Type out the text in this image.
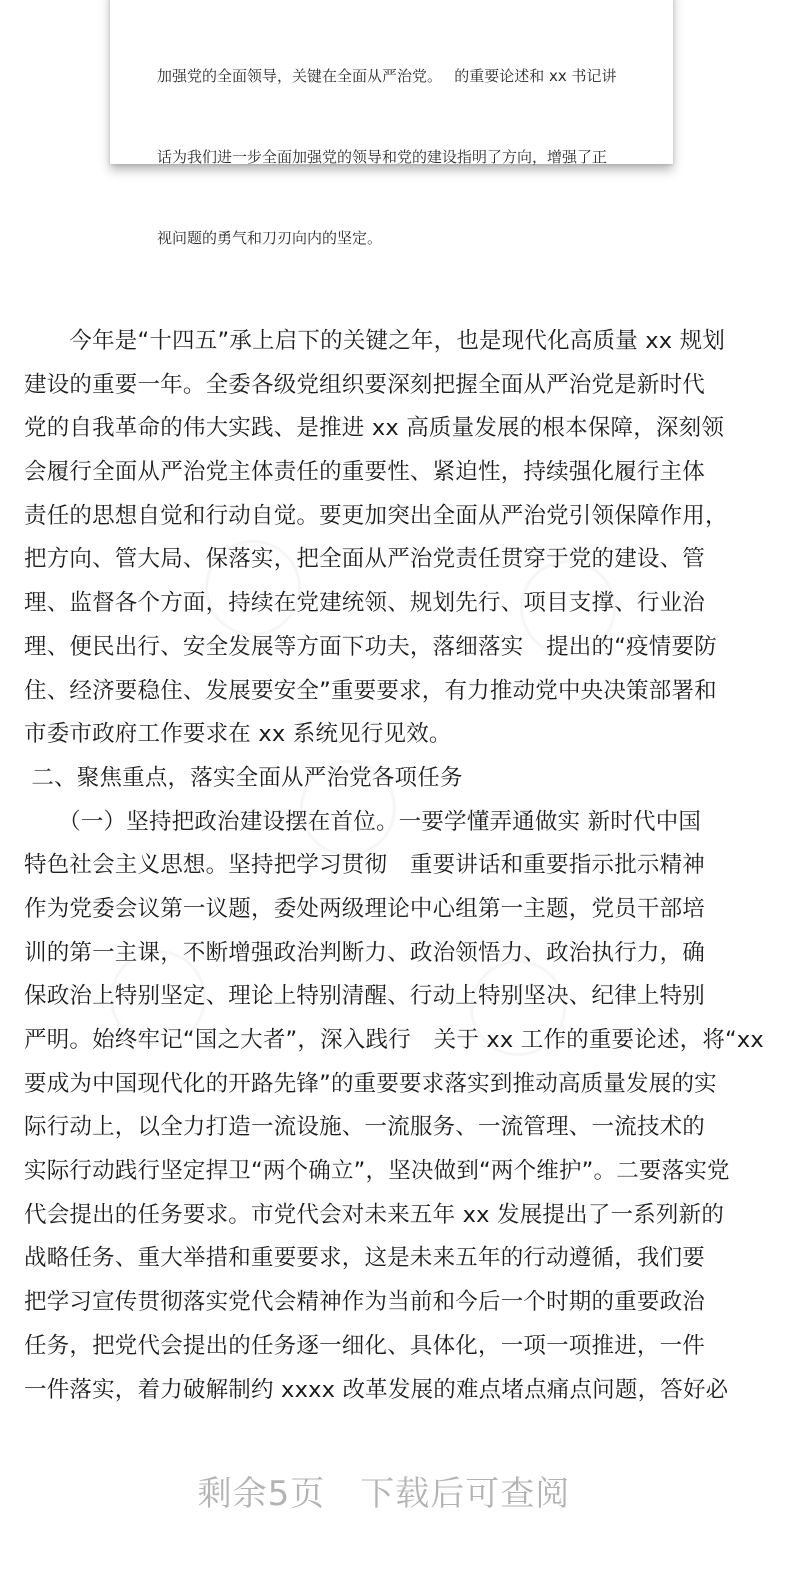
加强党的全面领导，关键在全面从严治党。　 的重要论述和 xx 书记讲

话为我们进一步全面加强党的领导和党的建设指明了方向，增强了正

视问题的勇气和刀刃向内的坚定。

　　今年是“十四五”承上启下的关键之年，也是现代化高质量 xx 规划
建设的重要一年。全委各级党组织要深刻把握全面从严治党是新时代
党的自我革命的伟大实践、是推进 xx 高质量发展的根本保障，深刻领
会履行全面从严治党主体责任的重要性、紧迫性，持续强化履行主体
责任的思想自觉和行动自觉。要更加突出全面从严治党引领保障作用，
把方向、管大局、保落实，把全面从严治党责任贯穿于党的建设、管
理、监督各个方面，持续在党建统领、规划先行、项目支撑、行业治
理、便民出行、安全发展等方面下功夫，落细落实　提出的“疫情要防
住、经济要稳住、发展要安全”重要要求，有力推动党中央决策部署和
市委市政府工作要求在 xx 系统见行见效。
二、聚焦重点，落实全面从严治党各项任务
　　（一）坚持把政治建设摆在首位。一要学懂弄通做实 新时代中国
特色社会主义思想。坚持把学习贯彻　重要讲话和重要指示批示精神
作为党委会议第一议题，委处两级理论中心组第一主题，党员干部培
训的第一主课，不断增强政治判断力、政治领悟力、政治执行力，确
保政治上特别坚定、理论上特别清醒、行动上特别坚决、纪律上特别
严明。始终牢记“国之大者”，深入践行　关于 xx 工作的重要论述，将“xx
要成为中国现代化的开路先锋”的重要要求落实到推动高质量发展的实
际行动上，以全力打造一流设施、一流服务、一流管理、一流技术的
实际行动践行坚定捍卫“两个确立”，坚决做到“两个维护”。二要落实党
代会提出的任务要求。市党代会对未来五年 xx 发展提出了一系列新的
战略任务、重大举措和重要要求，这是未来五年的行动遵循，我们要
把学习宣传贯彻落实党代会精神作为当前和今后一个时期的重要政治
任务，把党代会提出的任务逐一细化、具体化，一项一项推进，一件
一件落实，着力破解制约 xxxx 改革发展的难点堵点痛点问题，答好必
剩余5页　下载后可查阅
